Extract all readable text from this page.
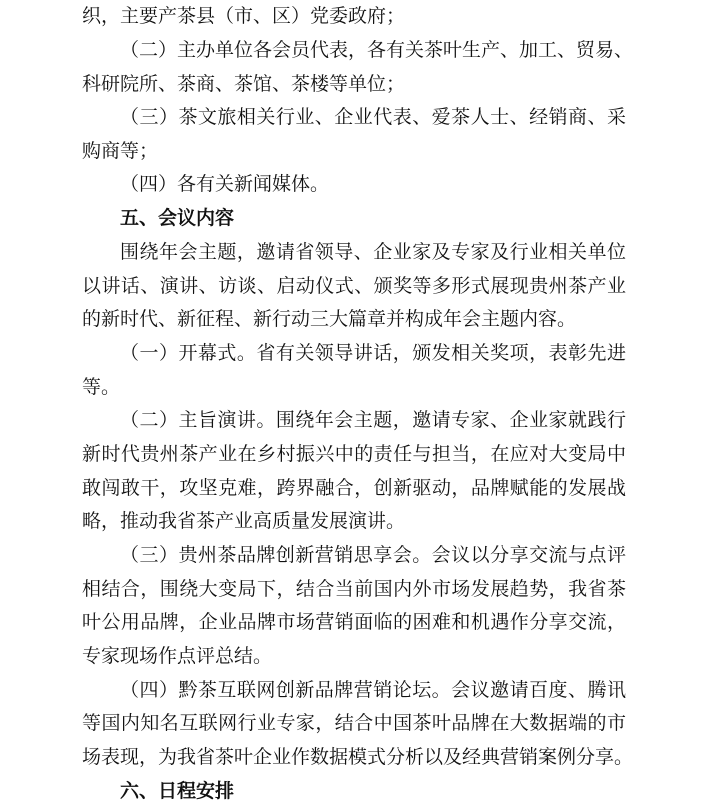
织，主要产茶县（市、区）党委政府；
（二）主办单位各会员代表，各有关茶叶生产、加工、贸易、
科研院所、茶商、茶馆、茶楼等单位；
（三）茶文旅相关行业、企业代表、爱茶人士、经销商、采
购商等；
（四）各有关新闻媒体。
五、会议内容
围绕年会主题，邀请省领导、企业家及专家及行业相关单位
以讲话、演讲、访谈、启动仪式、颁奖等多形式展现贵州茶产业
的新时代、新征程、新行动三大篇章并构成年会主题内容。
（一）开幕式。省有关领导讲话，颁发相关奖项，表彰先进
等。
（二）主旨演讲。围绕年会主题，邀请专家、企业家就践行
新时代贵州茶产业在乡村振兴中的责任与担当，在应对大变局中
敢闯敢干，攻坚克难，跨界融合，创新驱动，品牌赋能的发展战
略，推动我省茶产业高质量发展演讲。
（三）贵州茶品牌创新营销思享会。会议以分享交流与点评
相结合，围绕大变局下，结合当前国内外市场发展趋势，我省茶
叶公用品牌，企业品牌市场营销面临的困难和机遇作分享交流，
专家现场作点评总结。
（四）黔茶互联网创新品牌营销论坛。会议邀请百度、腾讯
等国内知名互联网行业专家，结合中国茶叶品牌在大数据端的市
场表现，为我省茶叶企业作数据模式分析以及经典营销案例分享。
六、日程安排
